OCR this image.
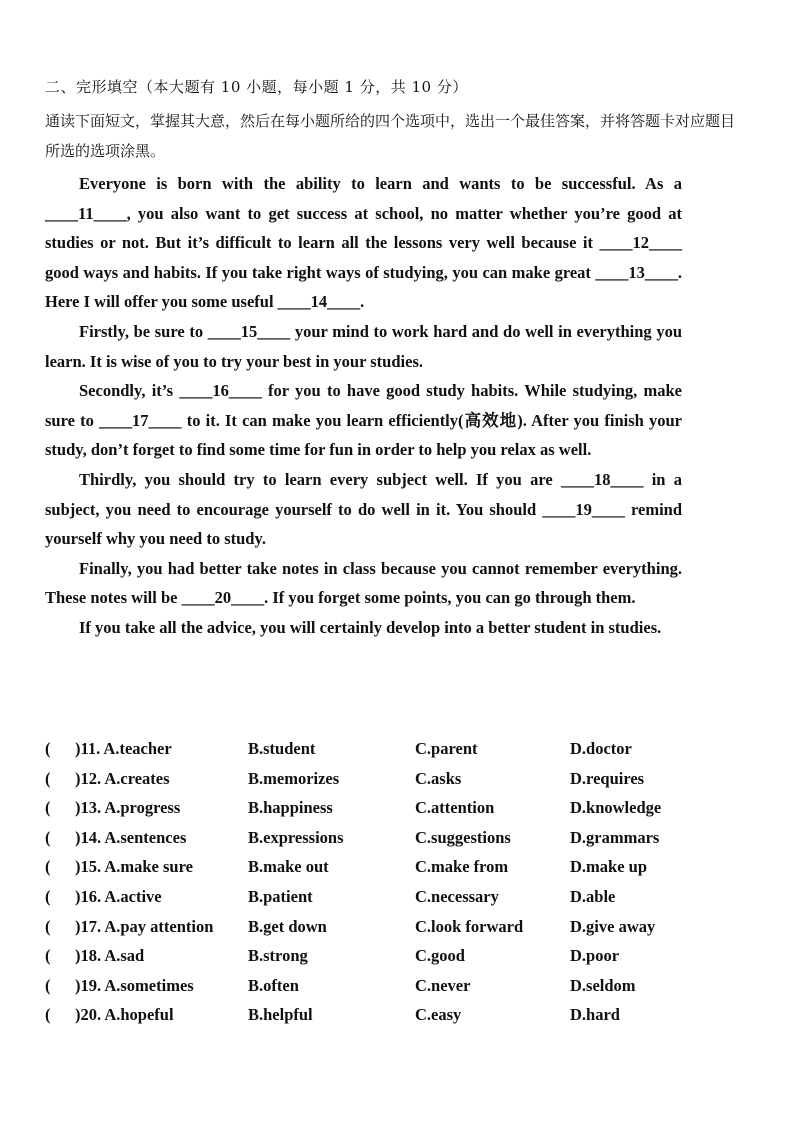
二、完形填空（本大题有 10 小题，每小题 1 分，共 10 分）
通读下面短文，掌握其大意，然后在每小题所给的四个选项中，选出一个最佳答案，并将答题卡对应题目所选的选项涂黑。

Everyone is born with the ability to learn and wants to be successful. As a ____11____, you also want to get success at school, no matter whether you’re good at studies or not. But it’s difficult to learn all the lessons very well because it ____12____ good ways and habits. If you take right ways of studying, you can make great ____13____. Here I will offer you some useful ____14____.

Firstly, be sure to ____15____ your mind to work hard and do well in everything you learn. It is wise of you to try your best in your studies.

Secondly, it’s ____16____ for you to have good study habits. While studying, make sure to ____17____ to it. It can make you learn efficiently(高效地). After you finish your study, don’t forget to find some time for fun in order to help you relax as well.

Thirdly, you should try to learn every subject well. If you are ____18____ in a subject, you need to encourage yourself to do well in it. You should ____19____ remind yourself why you need to study.

Finally, you had better take notes in class because you cannot remember everything. These notes will be ____20____. If you forget some points, you can go through them.

If you take all the advice, you will certainly develop into a better student in studies.

( )11. A.teacher	B.student	C.parent	D.doctor
( )12. A.creates	B.memorizes	C.asks	D.requires
( )13. A.progress	B.happiness	C.attention	D.knowledge
( )14. A.sentences	B.expressions	C.suggestions	D.grammars
( )15. A.make sure	B.make out	C.make from	D.make up
( )16. A.active	B.patient	C.necessary	D.able
( )17. A.pay attention B.get down	C.look forward	D.give away
( )18. A.sad	B.strong	C.good	D.poor
( )19. A.sometimes	B.often	C.never	D.seldom
( )20. A.hopeful	B.helpful	C.easy	D.hard
